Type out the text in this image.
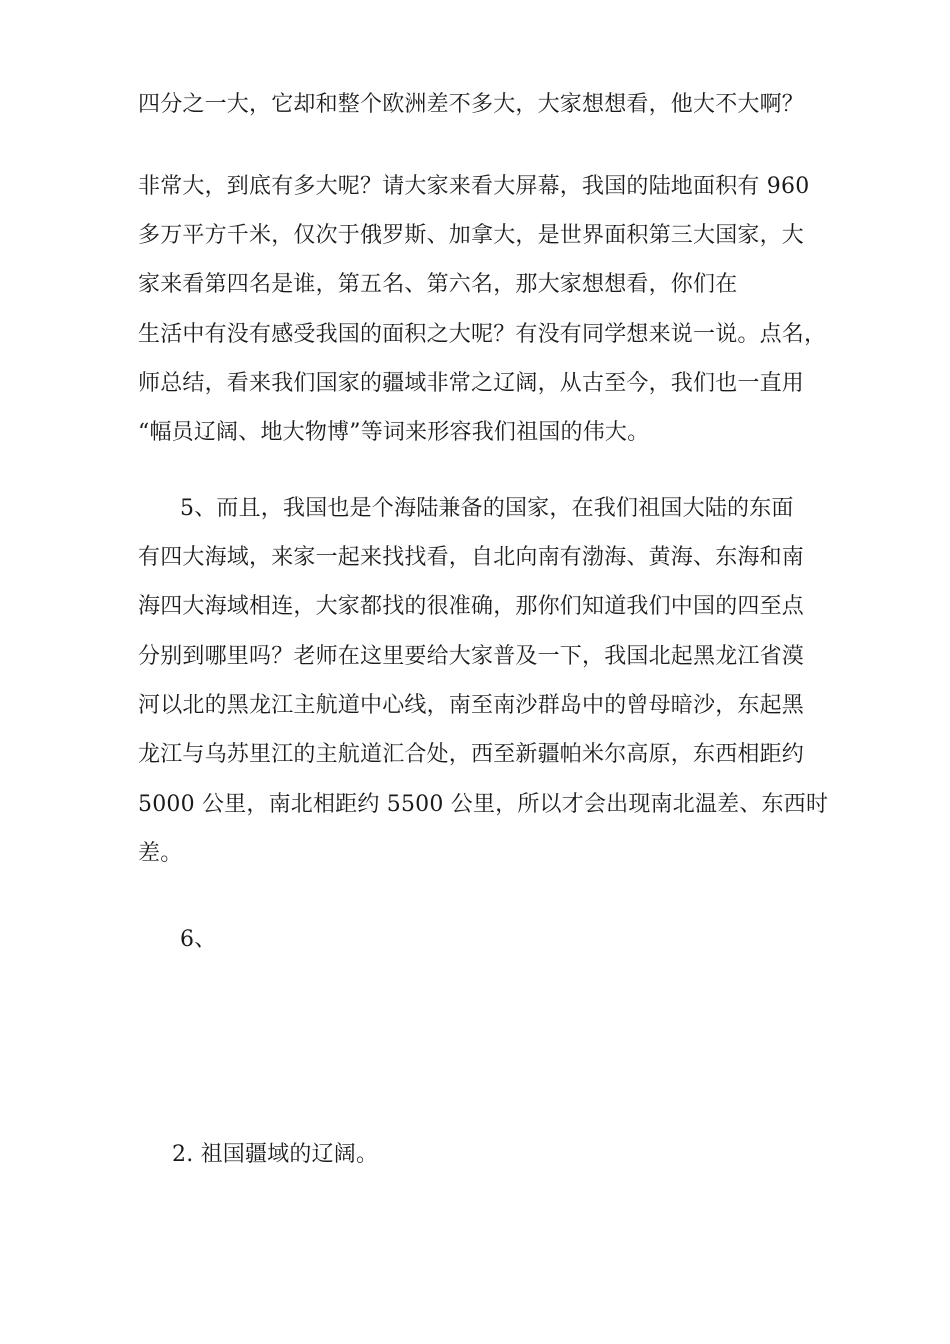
四分之一大，它却和整个欧洲差不多大，大家想想看，他大不大啊？
非常大，到底有多大呢？请大家来看大屏幕，我国的陆地面积有 960
多万平方千米，仅次于俄罗斯、加拿大，是世界面积第三大国家，大
家来看第四名是谁，第五名、第六名，那大家想想看，你们在
生活中有没有感受我国的面积之大呢？有没有同学想来说一说。点名，
师总结，看来我们国家的疆域非常之辽阔，从古至今，我们也一直用
“幅员辽阔、地大物博”等词来形容我们祖国的伟大。
5、而且，我国也是个海陆兼备的国家，在我们祖国大陆的东面
有四大海域，来家一起来找找看，自北向南有渤海、黄海、东海和南
海四大海域相连，大家都找的很准确，那你们知道我们中国的四至点
分别到哪里吗？老师在这里要给大家普及一下，我国北起黑龙江省漠
河以北的黑龙江主航道中心线，南至南沙群岛中的曾母暗沙，东起黑
龙江与乌苏里江的主航道汇合处，西至新疆帕米尔高原，东西相距约
5000 公里，南北相距约 5500 公里，所以才会出现南北温差、东西时
差。
6、
2. 祖国疆域的辽阔。
